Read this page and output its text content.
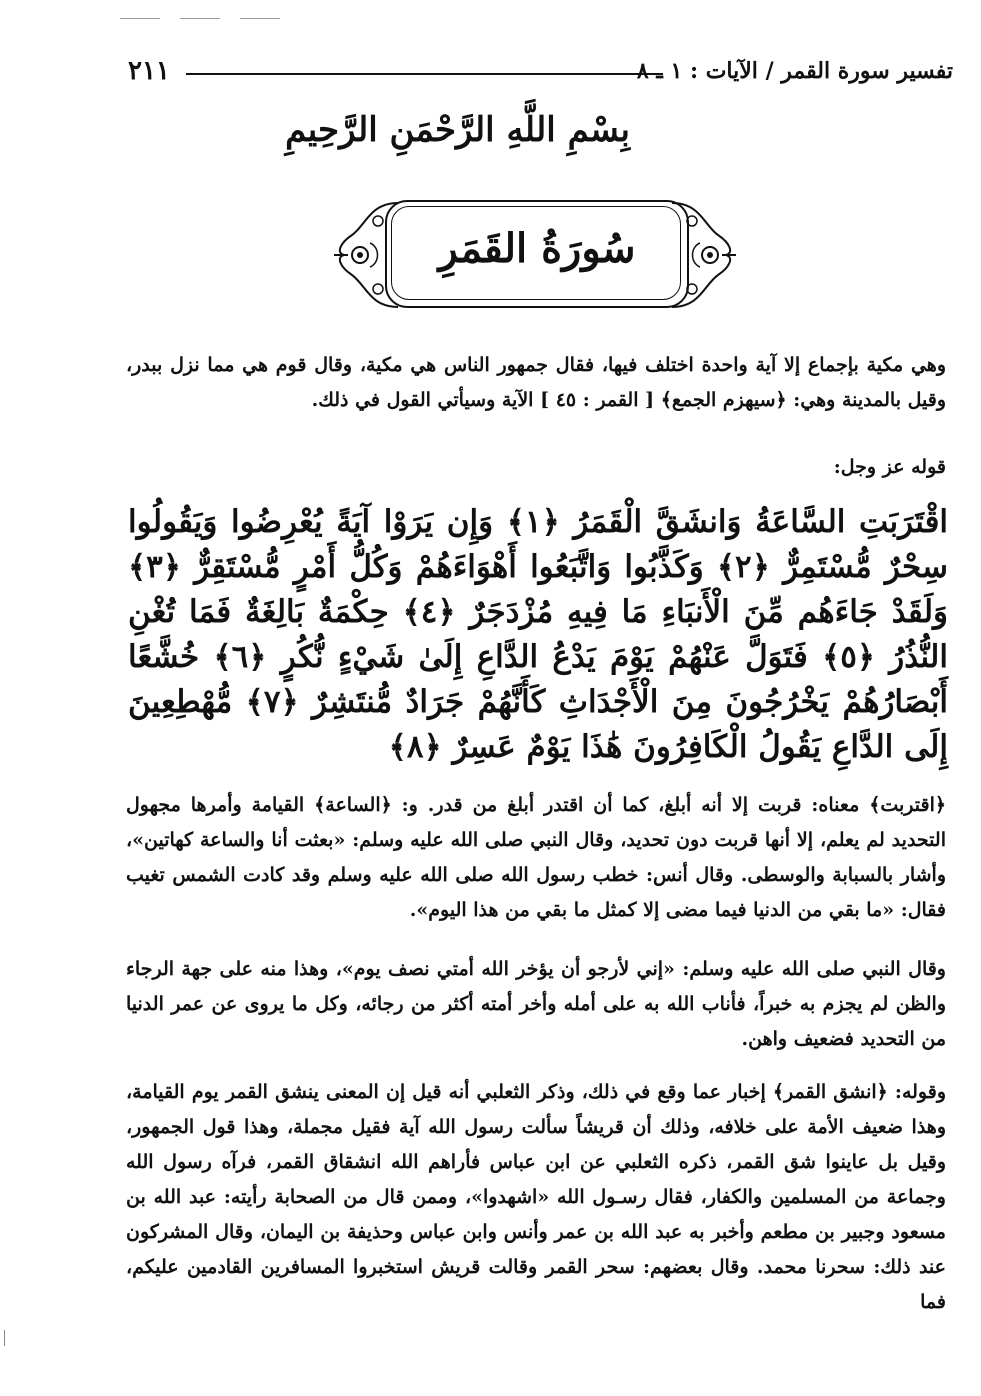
تفسير سورة القمر / الآيات : ١ ـ ٨
٢١١
بِسْمِ اللَّهِ الرَّحْمَنِ الرَّحِيمِ
سُورَةُ القَمَرِ

وهي مكية بإجماع إلا آية واحدة اختلف فيها، فقال جمهور الناس هي مكية، وقال قوم هي مما نزل ببدر، وقيل بالمدينة وهي: ﴿سيهزم الجمع﴾ [ القمر : ٤٥ ] الآية وسيأتي القول في ذلك.

قوله عز وجل:

اقْتَرَبَتِ السَّاعَةُ وَانشَقَّ الْقَمَرُ ﴿١﴾ وَإِن يَرَوْا آيَةً يُعْرِضُوا وَيَقُولُوا سِحْرٌ مُّسْتَمِرٌّ ﴿٢﴾ وَكَذَّبُوا وَاتَّبَعُوا أَهْوَاءَهُمْ وَكُلُّ أَمْرٍ مُّسْتَقِرٌّ ﴿٣﴾ وَلَقَدْ جَاءَهُم مِّنَ الْأَنبَاءِ مَا فِيهِ مُزْدَجَرٌ ﴿٤﴾ حِكْمَةٌ بَالِغَةٌ فَمَا تُغْنِ النُّذُرُ ﴿٥﴾ فَتَوَلَّ عَنْهُمْ يَوْمَ يَدْعُ الدَّاعِ إِلَىٰ شَيْءٍ نُّكُرٍ ﴿٦﴾ خُشَّعًا أَبْصَارُهُمْ يَخْرُجُونَ مِنَ الْأَجْدَاثِ كَأَنَّهُمْ جَرَادٌ مُّنتَشِرٌ ﴿٧﴾ مُّهْطِعِينَ إِلَى الدَّاعِ يَقُولُ الْكَافِرُونَ هَٰذَا يَوْمٌ عَسِرٌ ﴿٨﴾

﴿اقتربت﴾ معناه: قربت إلا أنه أبلغ، كما أن اقتدر أبلغ من قدر. و: ﴿الساعة﴾ القيامة وأمرها مجهول التحديد لم يعلم، إلا أنها قربت دون تحديد، وقال النبي صلى الله عليه وسلم: «بعثت أنا والساعة كهاتين»، وأشار بالسبابة والوسطى. وقال أنس: خطب رسول الله صلى الله عليه وسلم وقد كادت الشمس تغيب فقال: «ما بقي من الدنيا فيما مضى إلا كمثل ما بقي من هذا اليوم».

وقال النبي صلى الله عليه وسلم: «إني لأرجو أن يؤخر الله أمتي نصف يوم»، وهذا منه على جهة الرجاء والظن لم يجزم به خبراً، فأناب الله به على أمله وأخر أمته أكثر من رجائه، وكل ما يروى عن عمر الدنيا من التحديد فضعيف واهن.

وقوله: ﴿انشق القمر﴾ إخبار عما وقع في ذلك، وذكر الثعلبي أنه قيل إن المعنى ينشق القمر يوم القيامة، وهذا ضعيف الأمة على خلافه، وذلك أن قريشاً سألت رسول الله آية فقيل مجملة، وهذا قول الجمهور، وقيل بل عاينوا شق القمر، ذكره الثعلبي عن ابن عباس فأراهم الله انشقاق القمر، فرآه رسول الله وجماعة من المسلمين والكفار، فقال رسـول الله «اشهدوا»، وممن قال من الصحابة رأيته: عبد الله بن مسعود وجبير بن مطعم وأخبر به عبد الله بن عمر وأنس وابن عباس وحذيفة بن اليمان، وقال المشركون عند ذلك: سحرنا محمد. وقال بعضهم: سحر القمر وقالت قريش استخبروا المسافرين القادمين عليكم، فما
